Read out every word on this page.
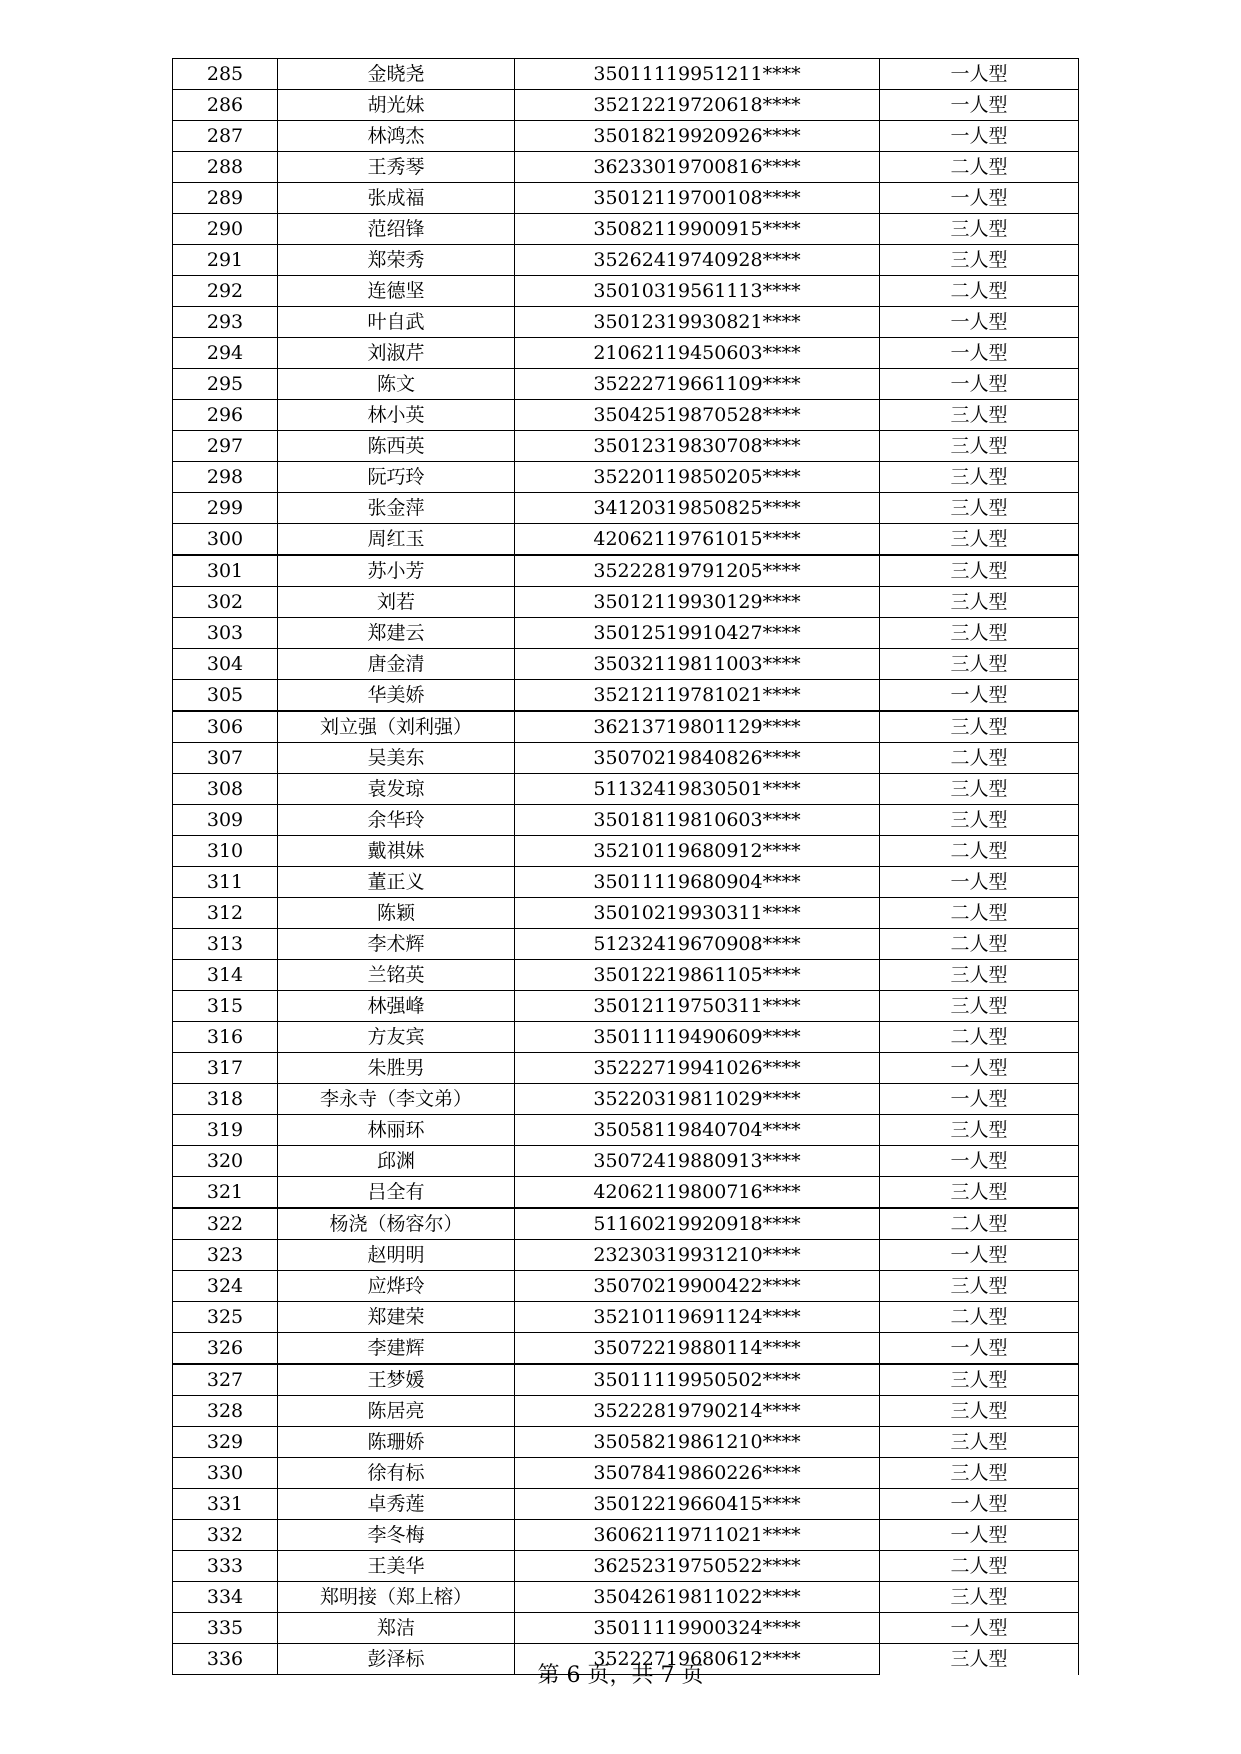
285	金晓尧	35011119951211****	一人型
286	胡光妹	35212219720618****	一人型
287	林鸿杰	35018219920926****	一人型
288	王秀琴	36233019700816****	二人型
289	张成福	35012119700108****	一人型
290	范绍锋	35082119900915****	三人型
291	郑荣秀	35262419740928****	三人型
292	连德坚	35010319561113****	二人型
293	叶自武	35012319930821****	一人型
294	刘淑芹	21062119450603****	一人型
295	陈文	35222719661109****	一人型
296	林小英	35042519870528****	三人型
297	陈西英	35012319830708****	三人型
298	阮巧玲	35220119850205****	三人型
299	张金萍	34120319850825****	三人型
300	周红玉	42062119761015****	三人型
301	苏小芳	35222819791205****	三人型
302	刘若	35012119930129****	三人型
303	郑建云	35012519910427****	三人型
304	唐金清	35032119811003****	三人型
305	华美娇	35212119781021****	一人型
306	刘立强（刘利强）	36213719801129****	三人型
307	吴美东	35070219840826****	二人型
308	袁发琼	51132419830501****	三人型
309	余华玲	35018119810603****	三人型
310	戴祺妹	35210119680912****	二人型
311	董正义	35011119680904****	一人型
312	陈颖	35010219930311****	二人型
313	李术辉	51232419670908****	二人型
314	兰铭英	35012219861105****	三人型
315	林强峰	35012119750311****	三人型
316	方友宾	35011119490609****	二人型
317	朱胜男	35222719941026****	一人型
318	李永寺（李文弟）	35220319811029****	一人型
319	林丽环	35058119840704****	三人型
320	邱渊	35072419880913****	一人型
321	吕全有	42062119800716****	三人型
322	杨浇（杨容尔）	51160219920918****	二人型
323	赵明明	23230319931210****	一人型
324	应烨玲	35070219900422****	三人型
325	郑建荣	35210119691124****	二人型
326	李建辉	35072219880114****	一人型
327	王梦媛	35011119950502****	三人型
328	陈居亮	35222819790214****	三人型
329	陈珊娇	35058219861210****	三人型
330	徐有标	35078419860226****	三人型
331	卓秀莲	35012219660415****	一人型
332	李冬梅	36062119711021****	一人型
333	王美华	36252319750522****	二人型
334	郑明接（郑上榕）	35042619811022****	三人型
335	郑洁	35011119900324****	一人型
336	彭泽标	35222719680612****	三人型
第 6 页，共 7 页
